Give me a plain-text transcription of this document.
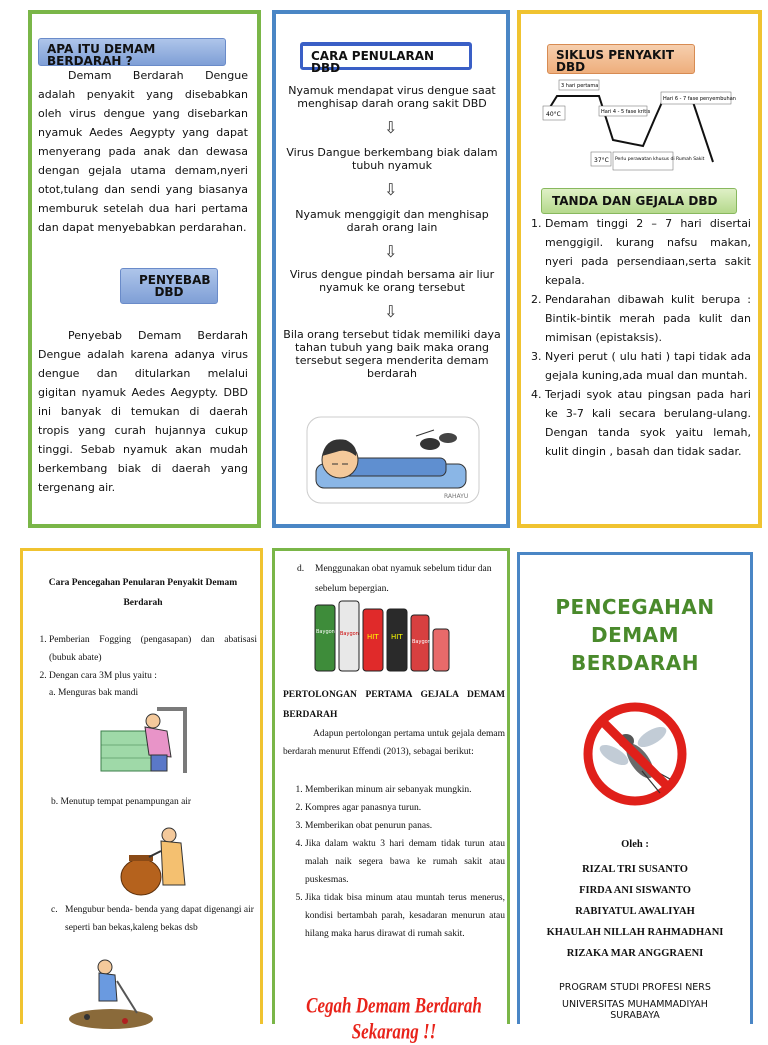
APA ITU DEMAM BERDARAH ?
Demam Berdarah Dengue adalah penyakit yang disebabkan oleh virus dengue yang disebarkan nyamuk Aedes Aegypty yang dapat menyerang pada anak dan dewasa dengan gejala utama demam,nyeri otot,tulang dan sendi yang biasanya memburuk setelah dua hari pertama dan dapat menyebabkan perdarahan.
PENYEBAB DBD
Penyebab Demam Berdarah Dengue adalah karena adanya virus dengue dan ditularkan melalui gigitan nyamuk Aedes Aegypty. DBD ini banyak di temukan di daerah tropis yang curah hujannya cukup tinggi. Sebab nyamuk akan mudah berkembang biak di daerah yang tergenang air.
CARA PENULARAN DBD
Nyamuk mendapat virus dengue saat menghisap darah orang sakit DBD
⇩
Virus Dangue berkembang biak dalam tubuh nyamuk
⇩
Nyamuk menggigit dan menghisap darah orang lain
⇩
Virus dengue pindah bersama air liur nyamuk ke orang tersebut
⇩
Bila orang tersebut tidak memiliki daya tahan tubuh yang baik maka orang tersebut segera menderita demam berdarah
RAHAYU
SIKLUS PENYAKIT DBD
3 hari pertama
40°C	Hari 4 - 5 fase kritis
Hari 6 - 7 fase penyembuhan
37°C Perlu perawatan khusus di Rumah Sakit
TANDA DAN GEJALA DBD
1. Demam tinggi 2 – 7 hari disertai menggigil. kurang nafsu makan, nyeri pada persendiaan,serta sakit kepala.
2. Pendarahan dibawah kulit berupa : Bintik-bintik merah pada kulit dan mimisan (epistaksis).
3. Nyeri perut ( ulu hati ) tapi tidak ada gejala kuning,ada mual dan muntah.
4. Terjadi syok atau pingsan pada hari ke 3-7 kali secara berulang-ulang. Dengan tanda syok yaitu lemah, kulit dingin , basah dan tidak sadar.
Cara Pencegahan Penularan Penyakit Demam Berdarah
1. Pemberian Fogging (pengasapan) dan abatisasi (bubuk abate)
2. Dengan cara 3M plus yaitu :
a. Menguras bak mandi
b. Menutup tempat penampungan air
c. Mengubur benda- benda yang dapat digenangi air seperti ban bekas,kaleng bekas dsb
d.	Menggunakan obat nyamuk sebelum tidur dan sebelum bepergian.
Baygon Baygon HIT HIT
Baygon
PERTOLONGAN PERTAMA GEJALA DEMAM BERDARAH
Adapun pertolongan pertama untuk gejala demam berdarah menurut Effendi (2013), sebagai berikut:
1. Memberikan minum air sebanyak mungkin.
2. Kompres agar panasnya turun.
3. Memberikan obat penurun panas.
4. Jika dalam waktu 3 hari demam tidak turun atau malah naik segera bawa ke rumah sakit atau puskesmas.
5. Jika tidak bisa minum atau muntah terus menerus, kondisi bertambah parah, kesadaran menurun atau hilang maka harus dirawat di rumah sakit.
Cegah Demam Berdarah Sekarang !!
PENCEGAHAN
DEMAM
BERDARAH
Oleh :
RIZAL TRI SUSANTO
FIRDA ANI SISWANTO
RABIYATUL AWALIYAH
KHAULAH NILLAH RAHMADHANI
RIZAKA MAR ANGGRAENI
PROGRAM STUDI PROFESI NERS
UNIVERSITAS MUHAMMADIYAH
SURABAYA
